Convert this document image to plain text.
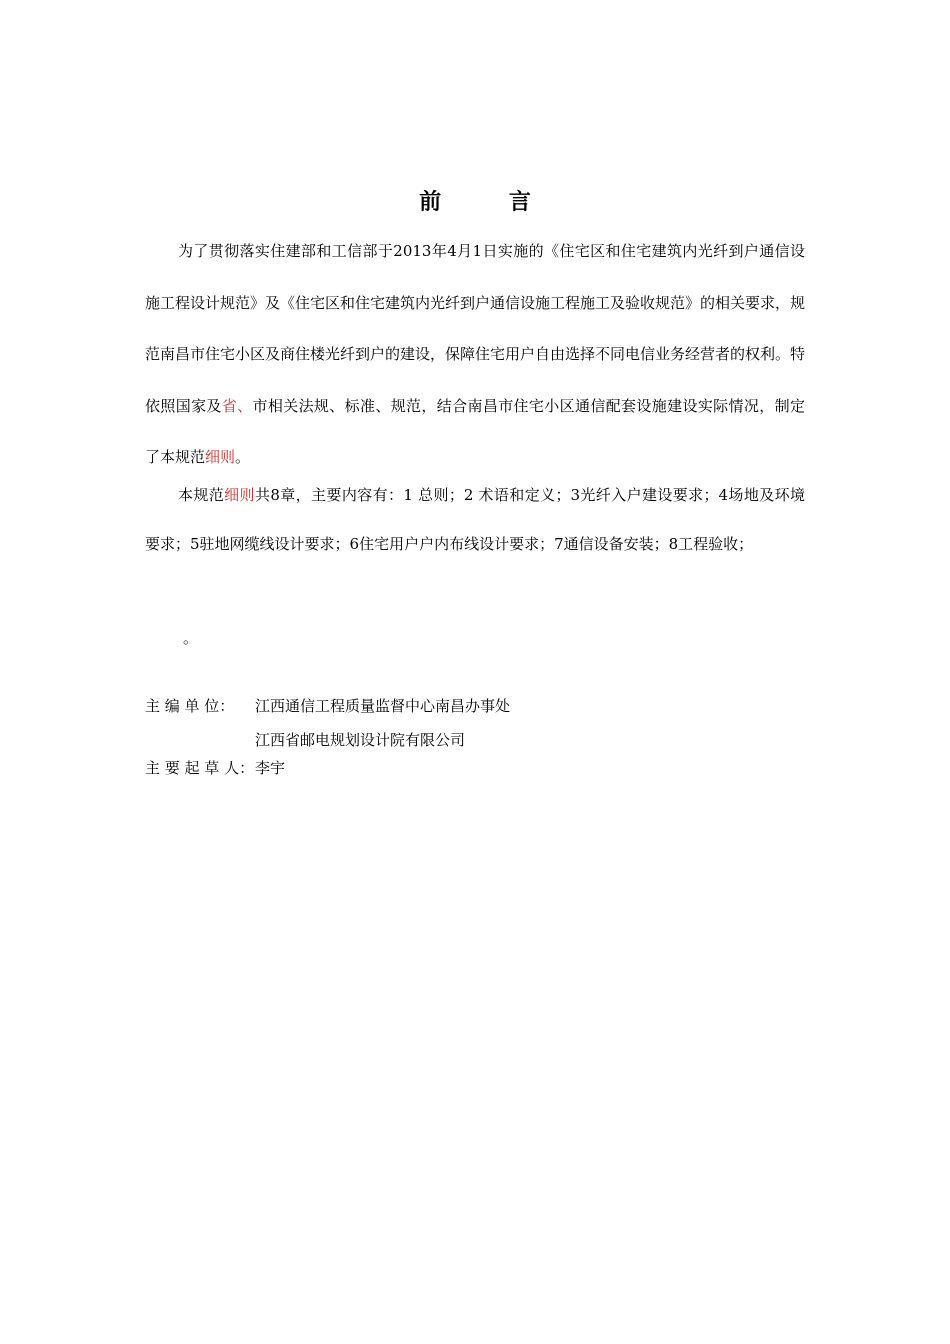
前 言

为了贯彻落实住建部和工信部于2013年4月1日实施的《住宅区和住宅建筑内光纤到户通信设施工程设计规范》及《住宅区和住宅建筑内光纤到户通信设施工程施工及验收规范》的相关要求，规范南昌市住宅小区及商住楼光纤到户的建设，保障住宅用户自由选择不同电信业务经营者的权利。特依照国家及省、市相关法规、标准、规范，结合南昌市住宅小区通信配套设施建设实际情况，制定了本规范细则。

本规范细则共8章，主要内容有：1 总则；2 术语和定义；3光纤入户建设要求；4场地及环境要求；5驻地网缆线设计要求；6住宅用户户内布线设计要求；7通信设备安装；8工程验收；

。
主 编 单 位： 江西通信工程质量监督中心南昌办事处
江西省邮电规划设计院有限公司
主 要 起 草 人：李宇
